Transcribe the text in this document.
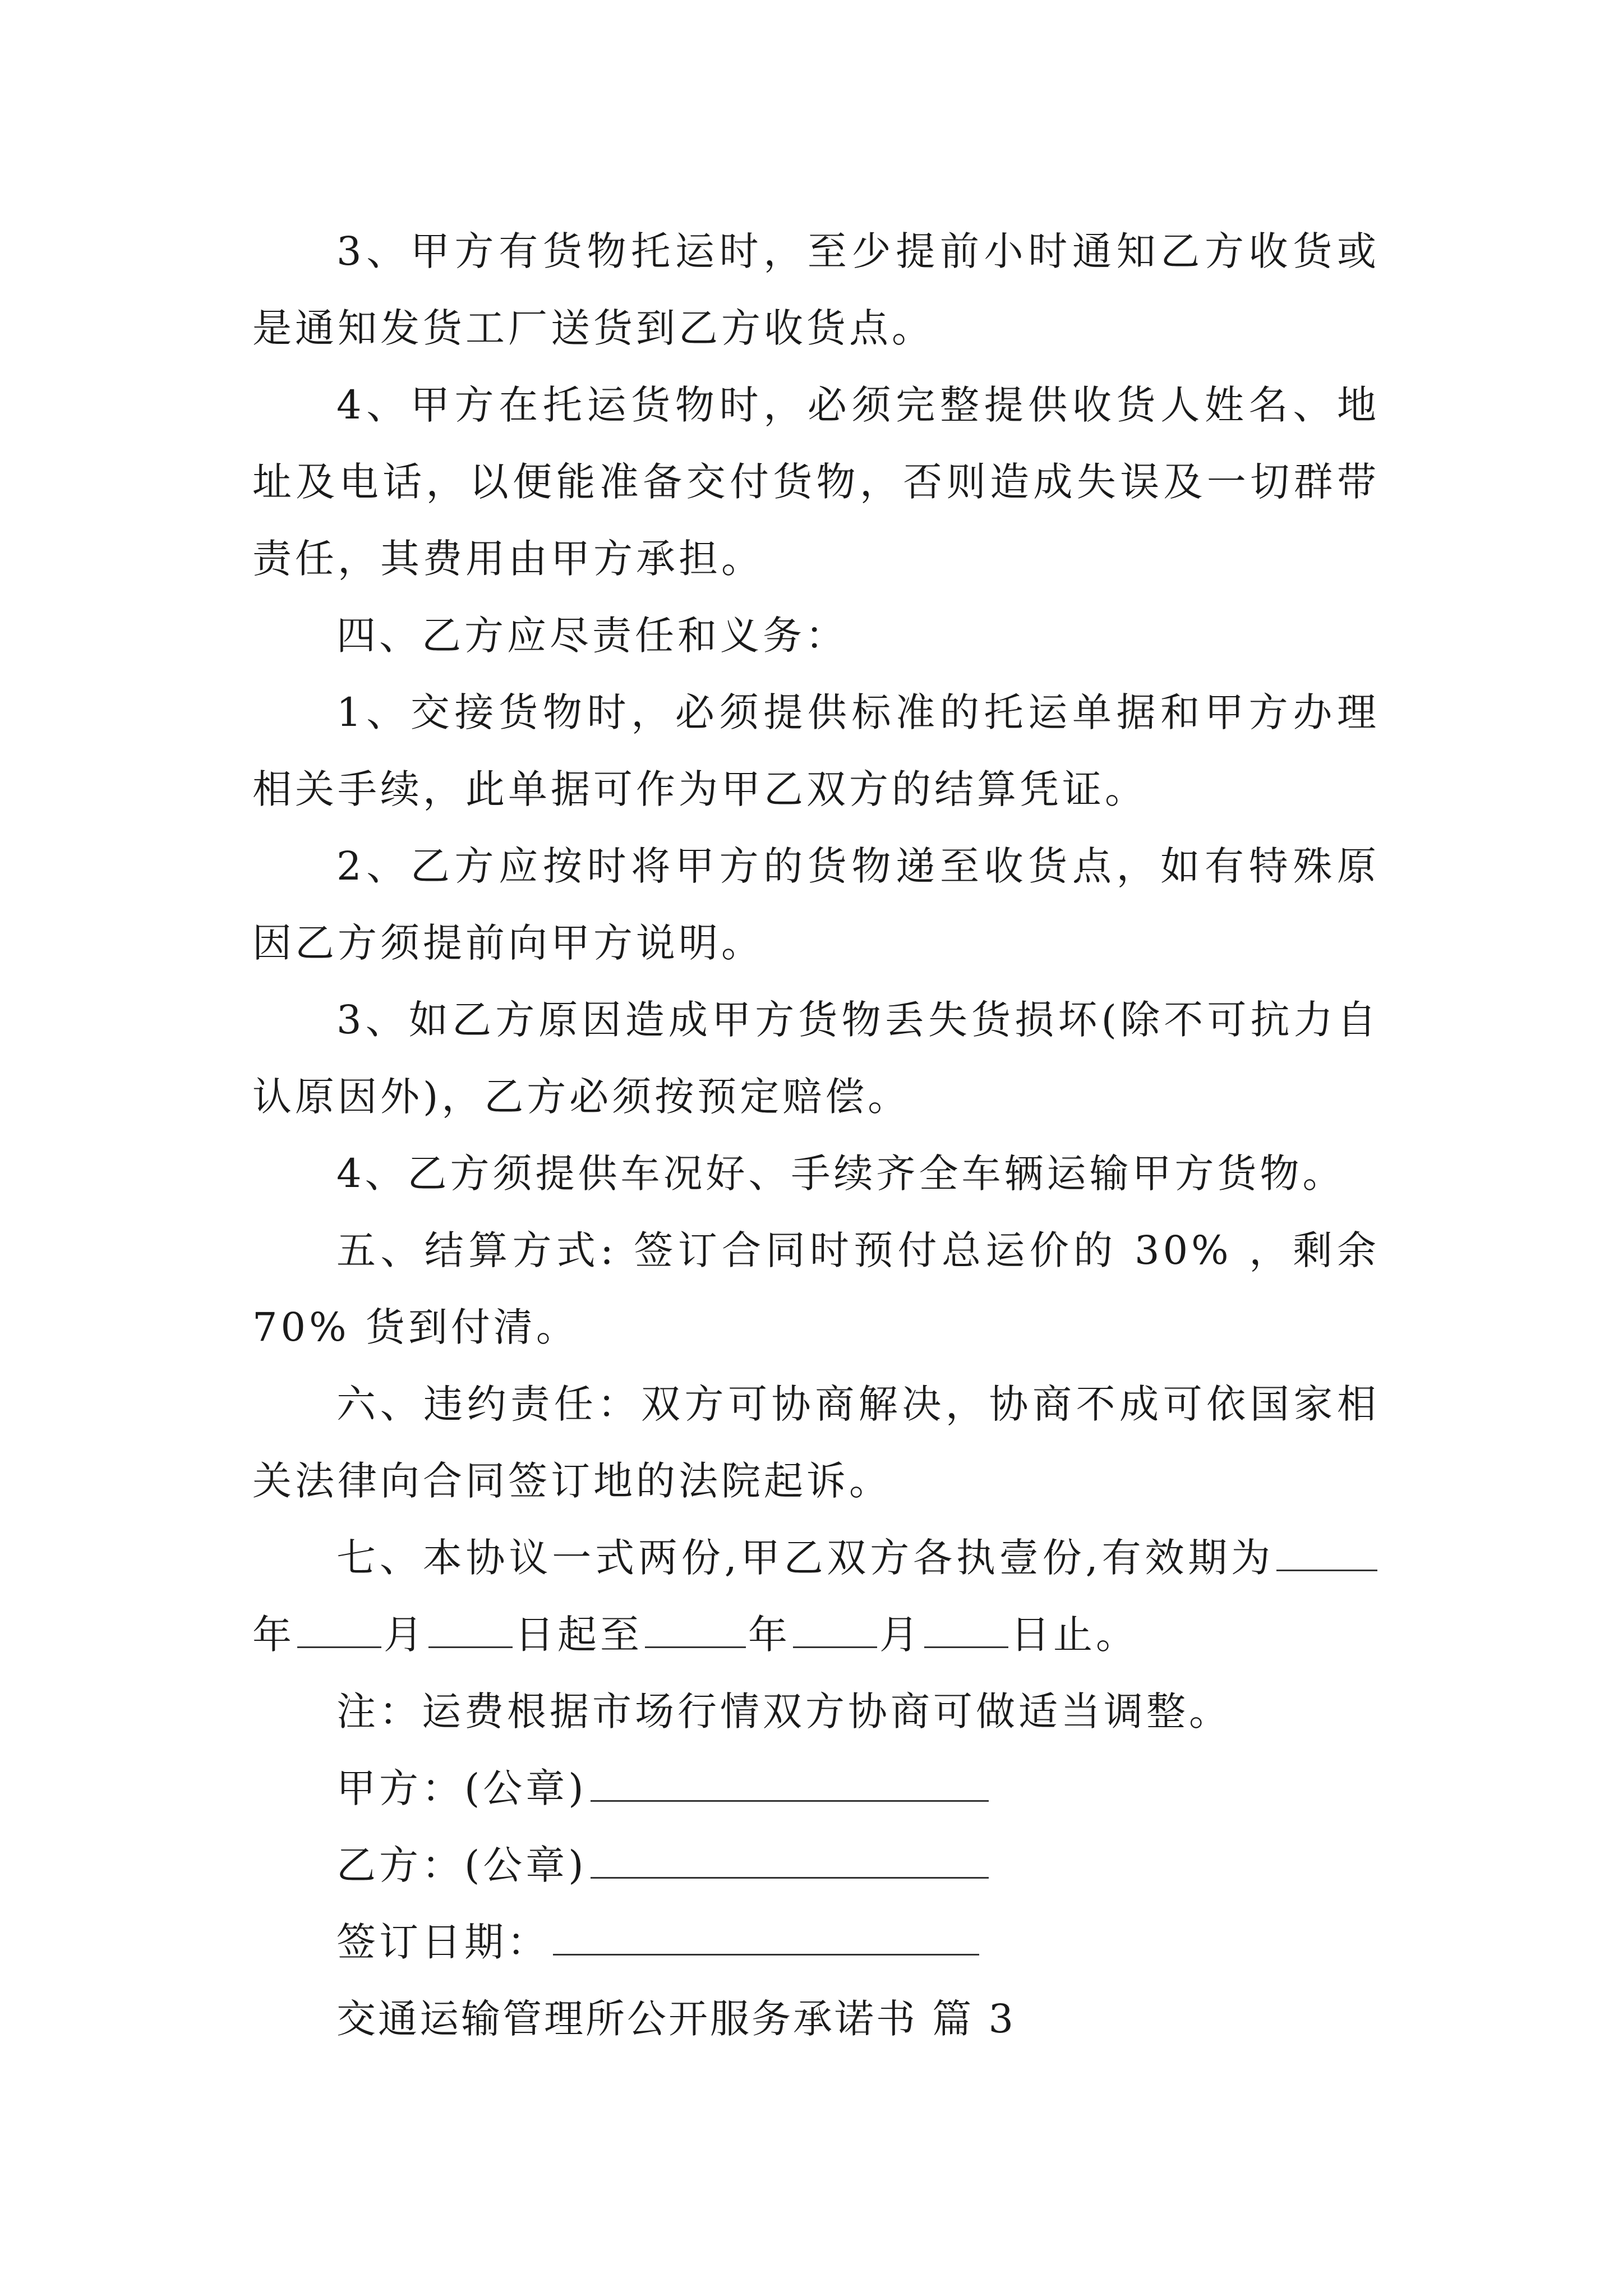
3、甲方有货物托运时，至少提前小时通知乙方收货或是通知发货工厂送货到乙方收货点。

4、甲方在托运货物时，必须完整提供收货人姓名、地址及电话，以便能准备交付货物，否则造成失误及一切群带责任，其费用由甲方承担。

四、乙方应尽责任和义务：

1、交接货物时，必须提供标准的托运单据和甲方办理相关手续，此单据可作为甲乙双方的结算凭证。

2、乙方应按时将甲方的货物递至收货点，如有特殊原因乙方须提前向甲方说明。

3、如乙方原因造成甲方货物丢失货损坏(除不可抗力自认原因外)，乙方必须按预定赔偿。

4、乙方须提供车况好、手续齐全车辆运输甲方货物。

五、结算方式: 签订合同时预付总运价的 30% ，剩余 70% 货到付清。

六、违约责任：双方可协商解决，协商不成可依国家相关法律向合同签订地的法院起诉。

七、本协议一式两份,甲乙双方各执壹份,有效期为年 月 日起至	年 月 日止。

注：运费根据市场行情双方协商可做适当调整。

甲方：(公章)

乙方：(公章)

签订日期：

交通运输管理所公开服务承诺书 篇 3
